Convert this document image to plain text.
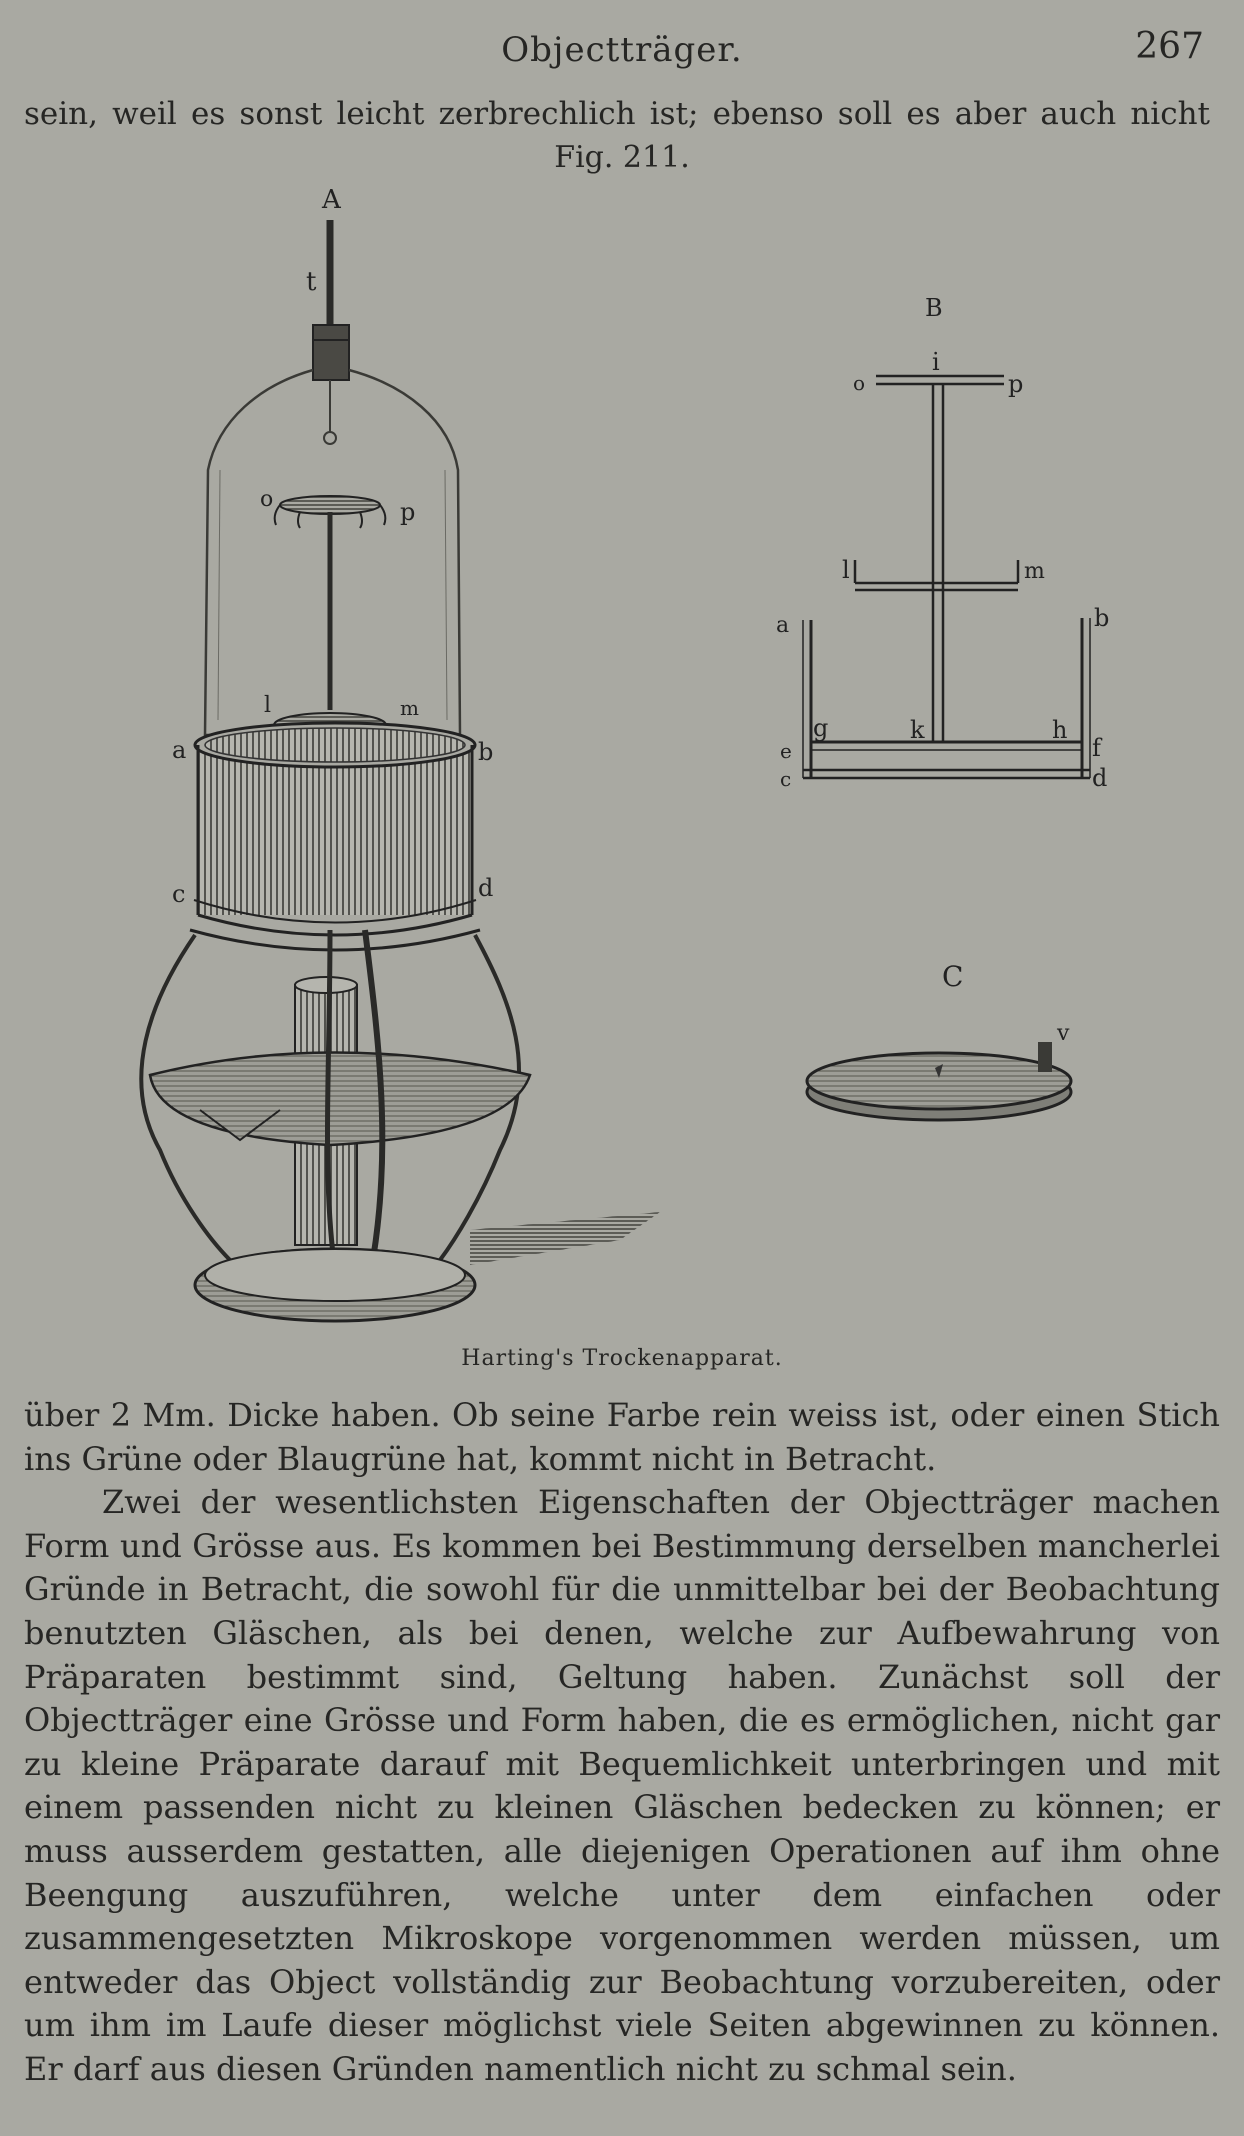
Objectträger.	267
sein, weil es sonst leicht zerbrechlich ist; ebenso soll es aber auch nicht
Fig. 211.
A
t
o	p
l	m
a	b
c	d
B
i
o	p
l	m
a	b
g	k	h
e	f
c	d
C
v
Harting's Trockenapparat.

über 2 Mm. Dicke haben. Ob seine Farbe rein weiss ist, oder einen Stich ins Grüne oder Blaugrüne hat, kommt nicht in Betracht.

Zwei der wesentlichsten Eigenschaften der Objectträger machen Form und Grösse aus. Es kommen bei Bestimmung derselben mancherlei Gründe in Betracht, die sowohl für die unmittelbar bei der Beobachtung benutzten Gläschen, als bei denen, welche zur Aufbewahrung von Präparaten bestimmt sind, Geltung haben. Zunächst soll der Objectträger eine Grösse und Form haben, die es ermöglichen, nicht gar zu kleine Präparate darauf mit Bequemlichkeit unterbringen und mit einem passenden nicht zu kleinen Gläschen bedecken zu können; er muss ausserdem gestatten, alle diejenigen Operationen auf ihm ohne Beengung auszuführen, welche unter dem einfachen oder zusammengesetzten Mikroskope vorgenommen werden müssen, um entweder das Object vollständig zur Beobachtung vorzubereiten, oder um ihm im Laufe dieser möglichst viele Seiten abgewinnen zu können. Er darf aus diesen Gründen namentlich nicht zu schmal sein.
